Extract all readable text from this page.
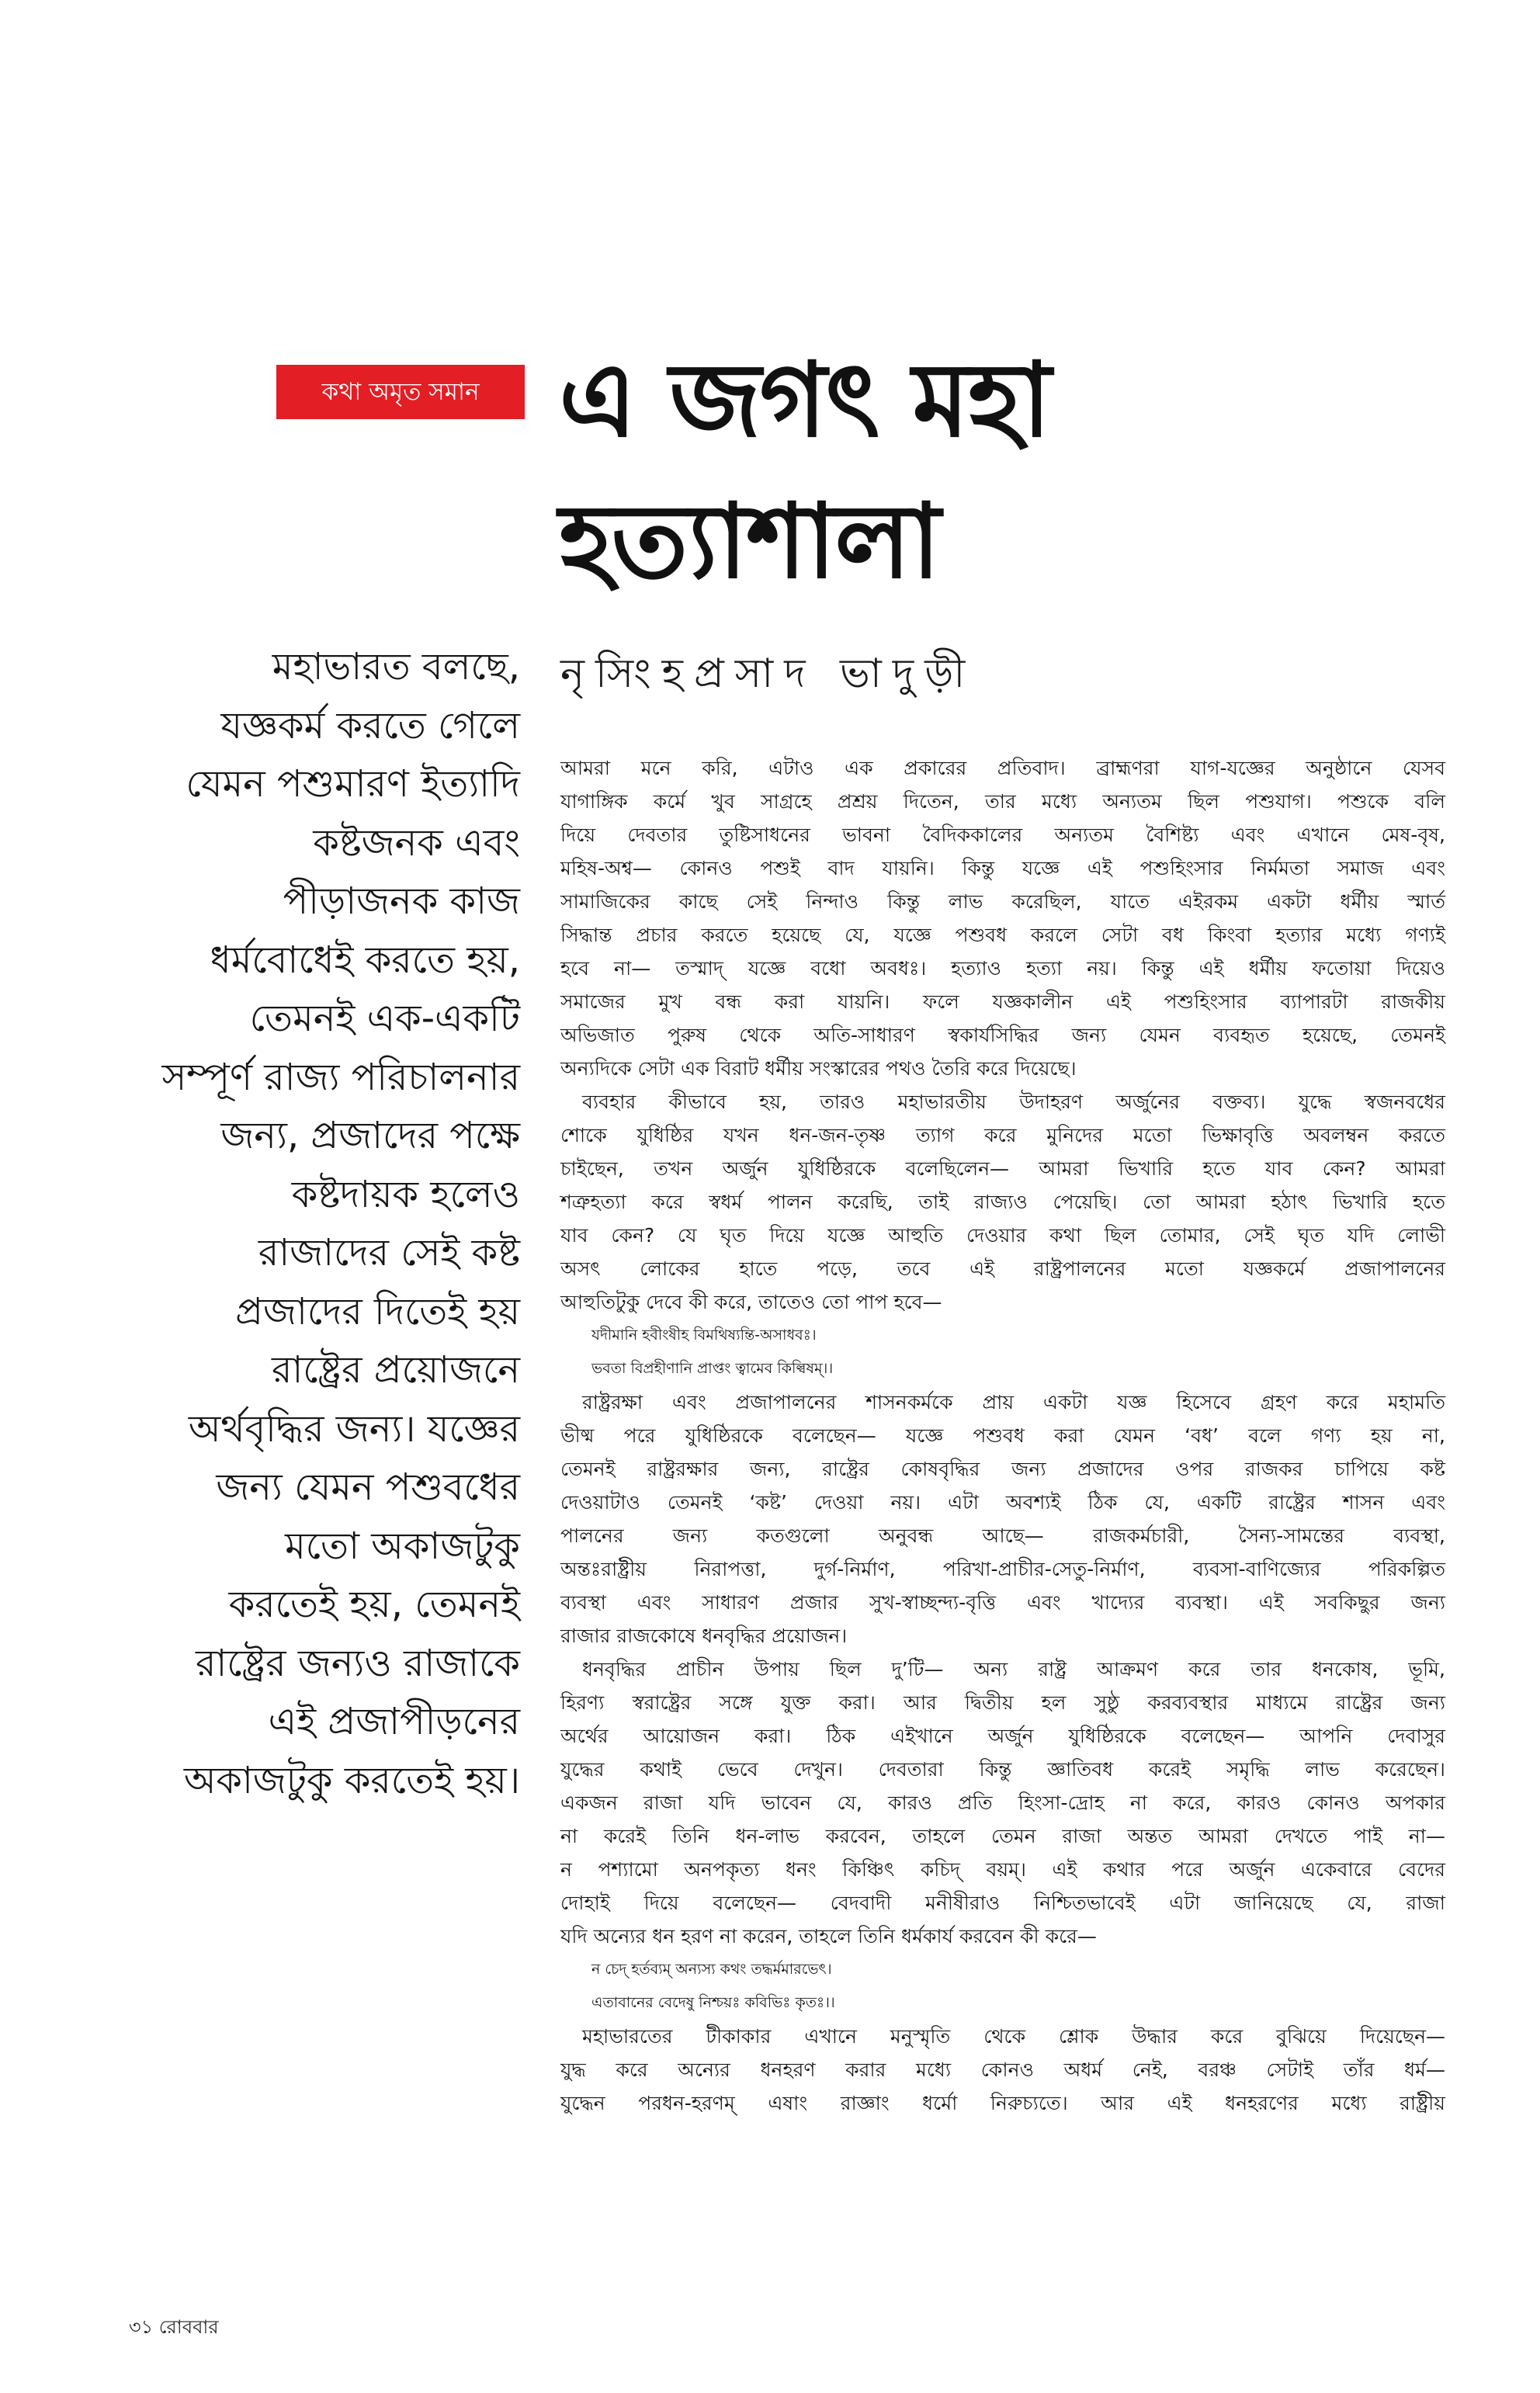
কথা অমৃত সমান এ জগৎ মহা
হত্যাশালা
নৃসিংহপ্রসাদ ভাদুড়ী
মহাভারত বলছে,
যজ্ঞকর্ম করতে গেলে
যেমন পশুমারণ ইত্যাদি
কষ্টজনক এবং
পীড়াজনক কাজ
ধর্মবোধেই করতে হয়,
তেমনই এক-একটি
সম্পূর্ণ রাজ্য পরিচালনার
জন্য, প্রজাদের পক্ষে
কষ্টদায়ক হলেও
রাজাদের সেই কষ্ট
প্রজাদের দিতেই হয়
রাষ্ট্রের প্রয়োজনে
অর্থবৃদ্ধির জন্য। যজ্ঞের
জন্য যেমন পশুবধের
মতো অকাজটুকু
করতেই হয়, তেমনই
রাষ্ট্রের জন্যও রাজাকে
এই প্রজাপীড়নের
অকাজটুকু করতেই হয়।
আমরা মনে করি, এটাও এক প্রকারের প্রতিবাদ। ব্রাহ্মণরা যাগ-যজ্ঞের অনুষ্ঠানে যেসব
যাগাঙ্গিক কর্মে খুব সাগ্রহে প্রশ্রয় দিতেন, তার মধ্যে অন্যতম ছিল পশুযাগ। পশুকে বলি
দিয়ে দেবতার তুষ্টিসাধনের ভাবনা বৈদিককালের অন্যতম বৈশিষ্ট্য এবং এখানে মেষ-বৃষ,
মহিষ-অশ্ব— কোনও পশুই বাদ যায়নি। কিন্তু যজ্ঞে এই পশুহিংসার নির্মমতা সমাজ এবং
সামাজিকের কাছে সেই নিন্দাও কিন্তু লাভ করেছিল, যাতে এইরকম একটা ধর্মীয় স্মার্ত
সিদ্ধান্ত প্রচার করতে হয়েছে যে, যজ্ঞে পশুবধ করলে সেটা বধ কিংবা হত্যার মধ্যে গণ্যই
হবে না— তস্মাদ্‌ যজ্ঞে বধো অবধঃ। হত্যাও হত্যা নয়। কিন্তু এই ধর্মীয় ফতোয়া দিয়েও
সমাজের মুখ বন্ধ করা যায়নি। ফলে যজ্ঞকালীন এই পশুহিংসার ব্যাপারটা রাজকীয়
অভিজাত পুরুষ থেকে অতি-সাধারণ স্বকার্যসিদ্ধির জন্য যেমন ব্যবহৃত হয়েছে, তেমনই
অন্যদিকে সেটা এক বিরাট ধর্মীয় সংস্কারের পথও তৈরি করে দিয়েছে।
ব্যবহার কীভাবে হয়, তারও মহাভারতীয় উদাহরণ অর্জুনের বক্তব্য। যুদ্ধে স্বজনবধের
শোকে যুধিষ্ঠির যখন ধন-জন-তৃষ্ণ ত্যাগ করে মুনিদের মতো ভিক্ষাবৃত্তি অবলম্বন করতে
চাইছেন, তখন অর্জুন যুধিষ্ঠিরকে বলেছিলেন— আমরা ভিখারি হতে যাব কেন? আমরা
শত্রুহত্যা করে স্বধর্ম পালন করেছি, তাই রাজ্যও পেয়েছি। তো আমরা হঠাৎ ভিখারি হতে
যাব কেন? যে ঘৃত দিয়ে যজ্ঞে আহুতি দেওয়ার কথা ছিল তোমার, সেই ঘৃত যদি লোভী
অসৎ লোকের হাতে পড়ে, তবে এই রাষ্ট্রপালনের মতো যজ্ঞকর্মে প্রজাপালনের
আহুতিটুকু দেবে কী করে, তাতেও তো পাপ হবে—
যদীমানি হবীংষীহ বিমথিষ্যন্তি-অসাধবঃ।
ভবতা বিপ্রহীণানি প্রাপ্তং ত্বামেব কিল্বিষম্‌।।
রাষ্ট্ররক্ষা এবং প্রজাপালনের শাসনকর্মকে প্রায় একটা যজ্ঞ হিসেবে গ্রহণ করে মহামতি
ভীষ্ম পরে যুধিষ্ঠিরকে বলেছেন— যজ্ঞে পশুবধ করা যেমন ‘বধ’ বলে গণ্য হয় না,
তেমনই রাষ্ট্ররক্ষার জন্য, রাষ্ট্রের কোষবৃদ্ধির জন্য প্রজাদের ওপর রাজকর চাপিয়ে কষ্ট
দেওয়াটাও তেমনই ‘কষ্ট’ দেওয়া নয়। এটা অবশ্যই ঠিক যে, একটি রাষ্ট্রের শাসন এবং
পালনের জন্য কতগুলো অনুবন্ধ আছে— রাজকর্মচারী, সৈন্য-সামন্তের ব্যবস্থা,
অন্তঃরাষ্ট্রীয় নিরাপত্তা, দুর্গ-নির্মাণ, পরিখা-প্রাচীর-সেতু-নির্মাণ, ব্যবসা-বাণিজ্যের পরিকল্পিত
ব্যবস্থা এবং সাধারণ প্রজার সুখ-স্বাচ্ছন্দ্য-বৃত্তি এবং খাদ্যের ব্যবস্থা। এই সবকিছুর জন্য
রাজার রাজকোষে ধনবৃদ্ধির প্রয়োজন।
ধনবৃদ্ধির প্রাচীন উপায় ছিল দু’টি— অন্য রাষ্ট্র আক্রমণ করে তার ধনকোষ, ভূমি,
হিরণ্য স্বরাষ্ট্রের সঙ্গে যুক্ত করা। আর দ্বিতীয় হল সুষ্ঠু করব্যবস্থার মাধ্যমে রাষ্ট্রের জন্য
অর্থের আয়োজন করা। ঠিক এইখানে অর্জুন যুধিষ্ঠিরকে বলেছেন— আপনি দেবাসুর
যুদ্ধের কথাই ভেবে দেখুন। দেবতারা কিন্তু জ্ঞাতিবধ করেই সমৃদ্ধি লাভ করেছেন।
একজন রাজা যদি ভাবেন যে, কারও প্রতি হিংসা-দ্রোহ না করে, কারও কোনও অপকার
না করেই তিনি ধন-লাভ করবেন, তাহলে তেমন রাজা অন্তত আমরা দেখতে পাই না—
ন পশ্যামো অনপকৃত্য ধনং কিঞ্চিৎ কচিদ্‌ বয়ম্‌। এই কথার পরে অর্জুন একেবারে বেদের
দোহাই দিয়ে বলেছেন— বেদবাদী মনীষীরাও নিশ্চিতভাবেই এটা জানিয়েছে যে, রাজা
যদি অন্যের ধন হরণ না করেন, তাহলে তিনি ধর্মকার্য করবেন কী করে—
ন চেদ্‌ হর্তব্যম্‌ অন্যস্য কথং তদ্ধর্মমারভেৎ।
এতাবানের বেদেষু নিশ্চয়ঃ কবিভিঃ কৃতঃ।।
মহাভারতের টীকাকার এখানে মনুস্মৃতি থেকে শ্লোক উদ্ধার করে বুঝিয়ে দিয়েছেন—
যুদ্ধ করে অন্যের ধনহরণ করার মধ্যে কোনও অধর্ম নেই, বরঞ্চ সেটাই তাঁর ধর্ম—
যুদ্ধেন পরধন-হরণম্‌ এষাং রাজ্ঞাং ধর্মো নিরুচ্যতে। আর এই ধনহরণের মধ্যে রাষ্ট্রীয়
৩১ রোববার
